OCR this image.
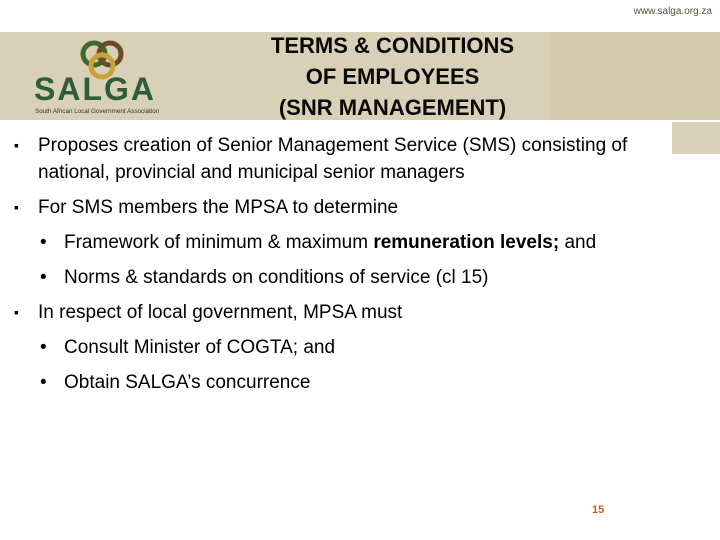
www.salga.org.za
SALGA
South African Local Government Association
TERMS & CONDITIONS
OF EMPLOYEES
(SNR MANAGEMENT)
▪	Proposes creation of Senior Management Service (SMS) consisting of national, provincial and municipal senior managers
▪	For SMS members the MPSA to determine
• Framework of minimum & maximum remuneration levels; and
• Norms & standards on conditions of service (cl 15)
▪	In respect of local government, MPSA must
• Consult Minister of COGTA; and
• Obtain SALGA’s concurrence
15
